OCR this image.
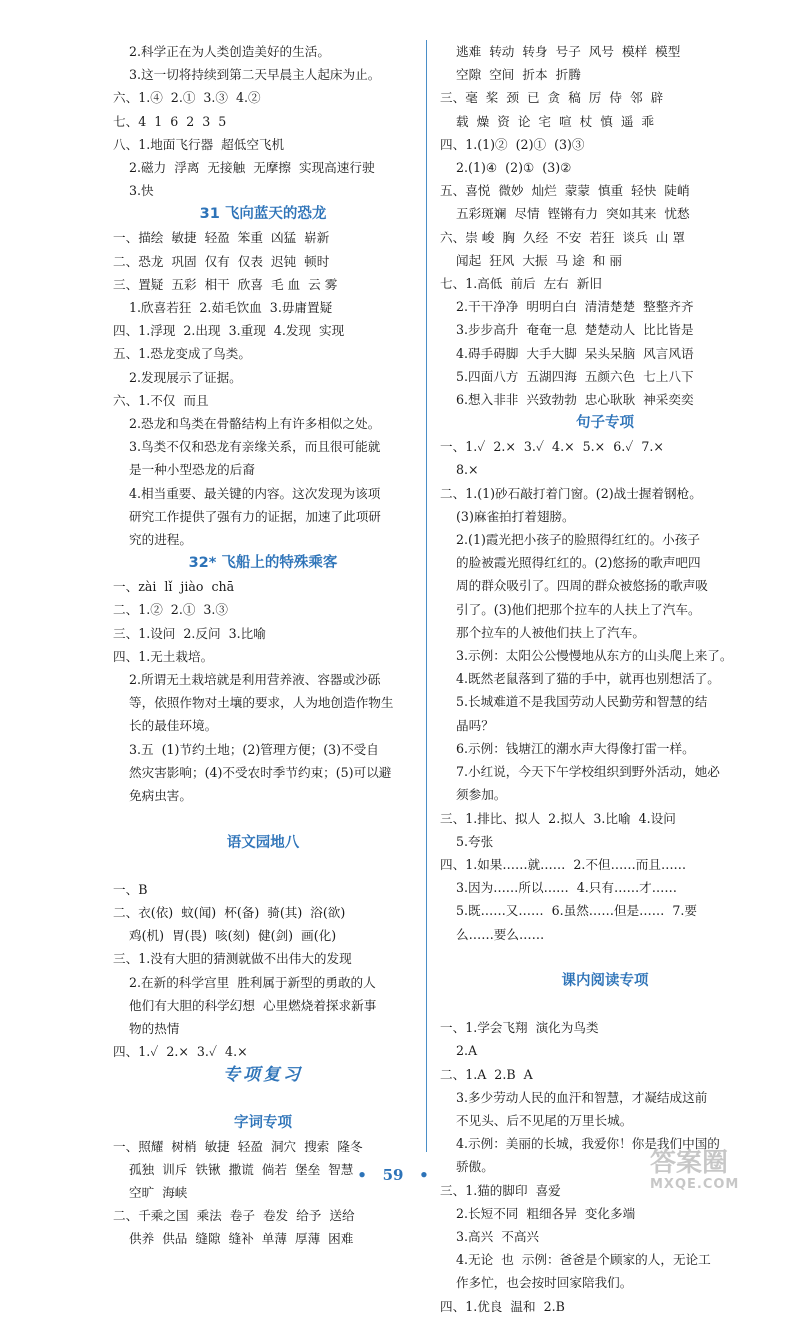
2.科学正在为人类创造美好的生活。
3.这一切将持续到第二天早晨主人起床为止。
六、1.④  2.①  3.③  4.②
七、4  1  6  2  3  5
八、1.地面飞行器  超低空飞机
2.磁力  浮离  无接触  无摩擦  实现高速行驶
3.快
31 飞向蓝天的恐龙
一、描绘  敏捷  轻盈  笨重  凶猛  崭新
二、恐龙  巩固  仅有  仅表  迟钝  顿时
三、置疑  五彩  相干  欣喜  毛 血  云 雾
1.欣喜若狂  2.茹毛饮血  3.毋庸置疑
四、1.浮现  2.出现  3.重现  4.发现  实现
五、1.恐龙变成了鸟类。
2.发现展示了证据。
六、1.不仅  而且
2.恐龙和鸟类在骨骼结构上有许多相似之处。
3.鸟类不仅和恐龙有亲缘关系，而且很可能就
是一种小型恐龙的后裔
4.相当重要、最关键的内容。这次发现为该项
研究工作提供了强有力的证据，加速了此项研
究的进程。
32* 飞船上的特殊乘客
一、zài  lǐ  jiào  chā
二、1.②  2.①  3.③
三、1.设问  2.反问  3.比喻
四、1.无土栽培。
2.所谓无土栽培就是利用营养液、容器或沙砾
等，依照作物对土壤的要求，人为地创造作物生
长的最佳环境。
3.五  (1)节约土地；(2)管理方便；(3)不受自
然灾害影响；(4)不受农时季节约束；(5)可以避
免病虫害。

语文园地八

一、B
二、衣(依)  蚊(闻)  杯(备)  骑(其)  浴(欲)
鸡(机)  胃(畏)  咳(刻)  健(剑)  画(化)
三、1.没有大胆的猜测就做不出伟大的发现
2.在新的科学宫里  胜利属于新型的勇敢的人
他们有大胆的科学幻想  心里燃烧着探求新事
物的热情
四、1.✓  2.×  3.✓  4.×
专项复习

字词专项
一、照耀  树梢  敏捷  轻盈  洞穴  搜索  隆冬
孤独  训斥  铁锹  撒谎  倘若  堡垒  智慧
空旷  海峡
二、千乘之国  乘法  卷子  卷发  给予  送给
供养  供品  缝隙  缝补  单薄  厚薄  困难
逃难  转动  转身  号子  风号  模样  模型
空隙  空间  折本  折腾
三、毫  桨  颈  已  贪  稿  厉  侍  邻  辟
载  燥  资  论  宅  喧  杖  慎  遥  乖
四、1.(1)②  (2)①  (3)③
2.(1)④  (2)①  (3)②
五、喜悦  微妙  灿烂  蒙蒙  慎重  轻快  陡峭
五彩斑斓  尽情  铿锵有力  突如其来  忧愁
六、崇 峻  胸  久经  不安  若狂  谈兵  山 罩
闻起  狂风  大振  马 途  和 丽
七、1.高低  前后  左右  新旧
2.干干净净  明明白白  清清楚楚  整整齐齐
3.步步高升  奄奄一息  楚楚动人  比比皆是
4.碍手碍脚  大手大脚  呆头呆脑  风言风语
5.四面八方  五湖四海  五颜六色  七上八下
6.想入非非  兴致勃勃  忠心耿耿  神采奕奕
句子专项
一、1.✓  2.×  3.✓  4.×  5.×  6.✓  7.×
8.×
二、1.(1)砂石敲打着门窗。(2)战士握着钢枪。
(3)麻雀拍打着翅膀。
2.(1)霞光把小孩子的脸照得红红的。小孩子
的脸被霞光照得红红的。(2)悠扬的歌声吧四
周的群众吸引了。四周的群众被悠扬的歌声吸
引了。(3)他们把那个拉车的人扶上了汽车。
那个拉车的人被他们扶上了汽车。
3.示例：太阳公公慢慢地从东方的山头爬上来了。
4.既然老鼠落到了猫的手中，就再也别想活了。
5.长城难道不是我国劳动人民勤劳和智慧的结
晶吗？
6.示例：钱塘江的潮水声大得像打雷一样。
7.小红说，今天下午学校组织到野外活动，她必
须参加。
三、1.排比、拟人  2.拟人  3.比喻  4.设问
5.夸张
四、1.如果……就……  2.不但……而且……
3.因为……所以……  4.只有……才……
5.既……又……  6.虽然……但是……  7.要
么……要么……

课内阅读专项

一、1.学会飞翔  演化为鸟类
2.A
二、1.A  2.B  A
3.多少劳动人民的血汗和智慧，才凝结成这前
不见头、后不见尾的万里长城。
4.示例：美丽的长城，我爱你！你是我们中国的
骄傲。
三、1.猫的脚印  喜爱
2.长短不同  粗细各异  变化多端
3.高兴  不高兴
4.无论  也  示例：爸爸是个顾家的人，无论工
作多忙，也会按时回家陪我们。
四、1.优良  温和  2.B
•   59   •	答案圈
MXQE.COM
